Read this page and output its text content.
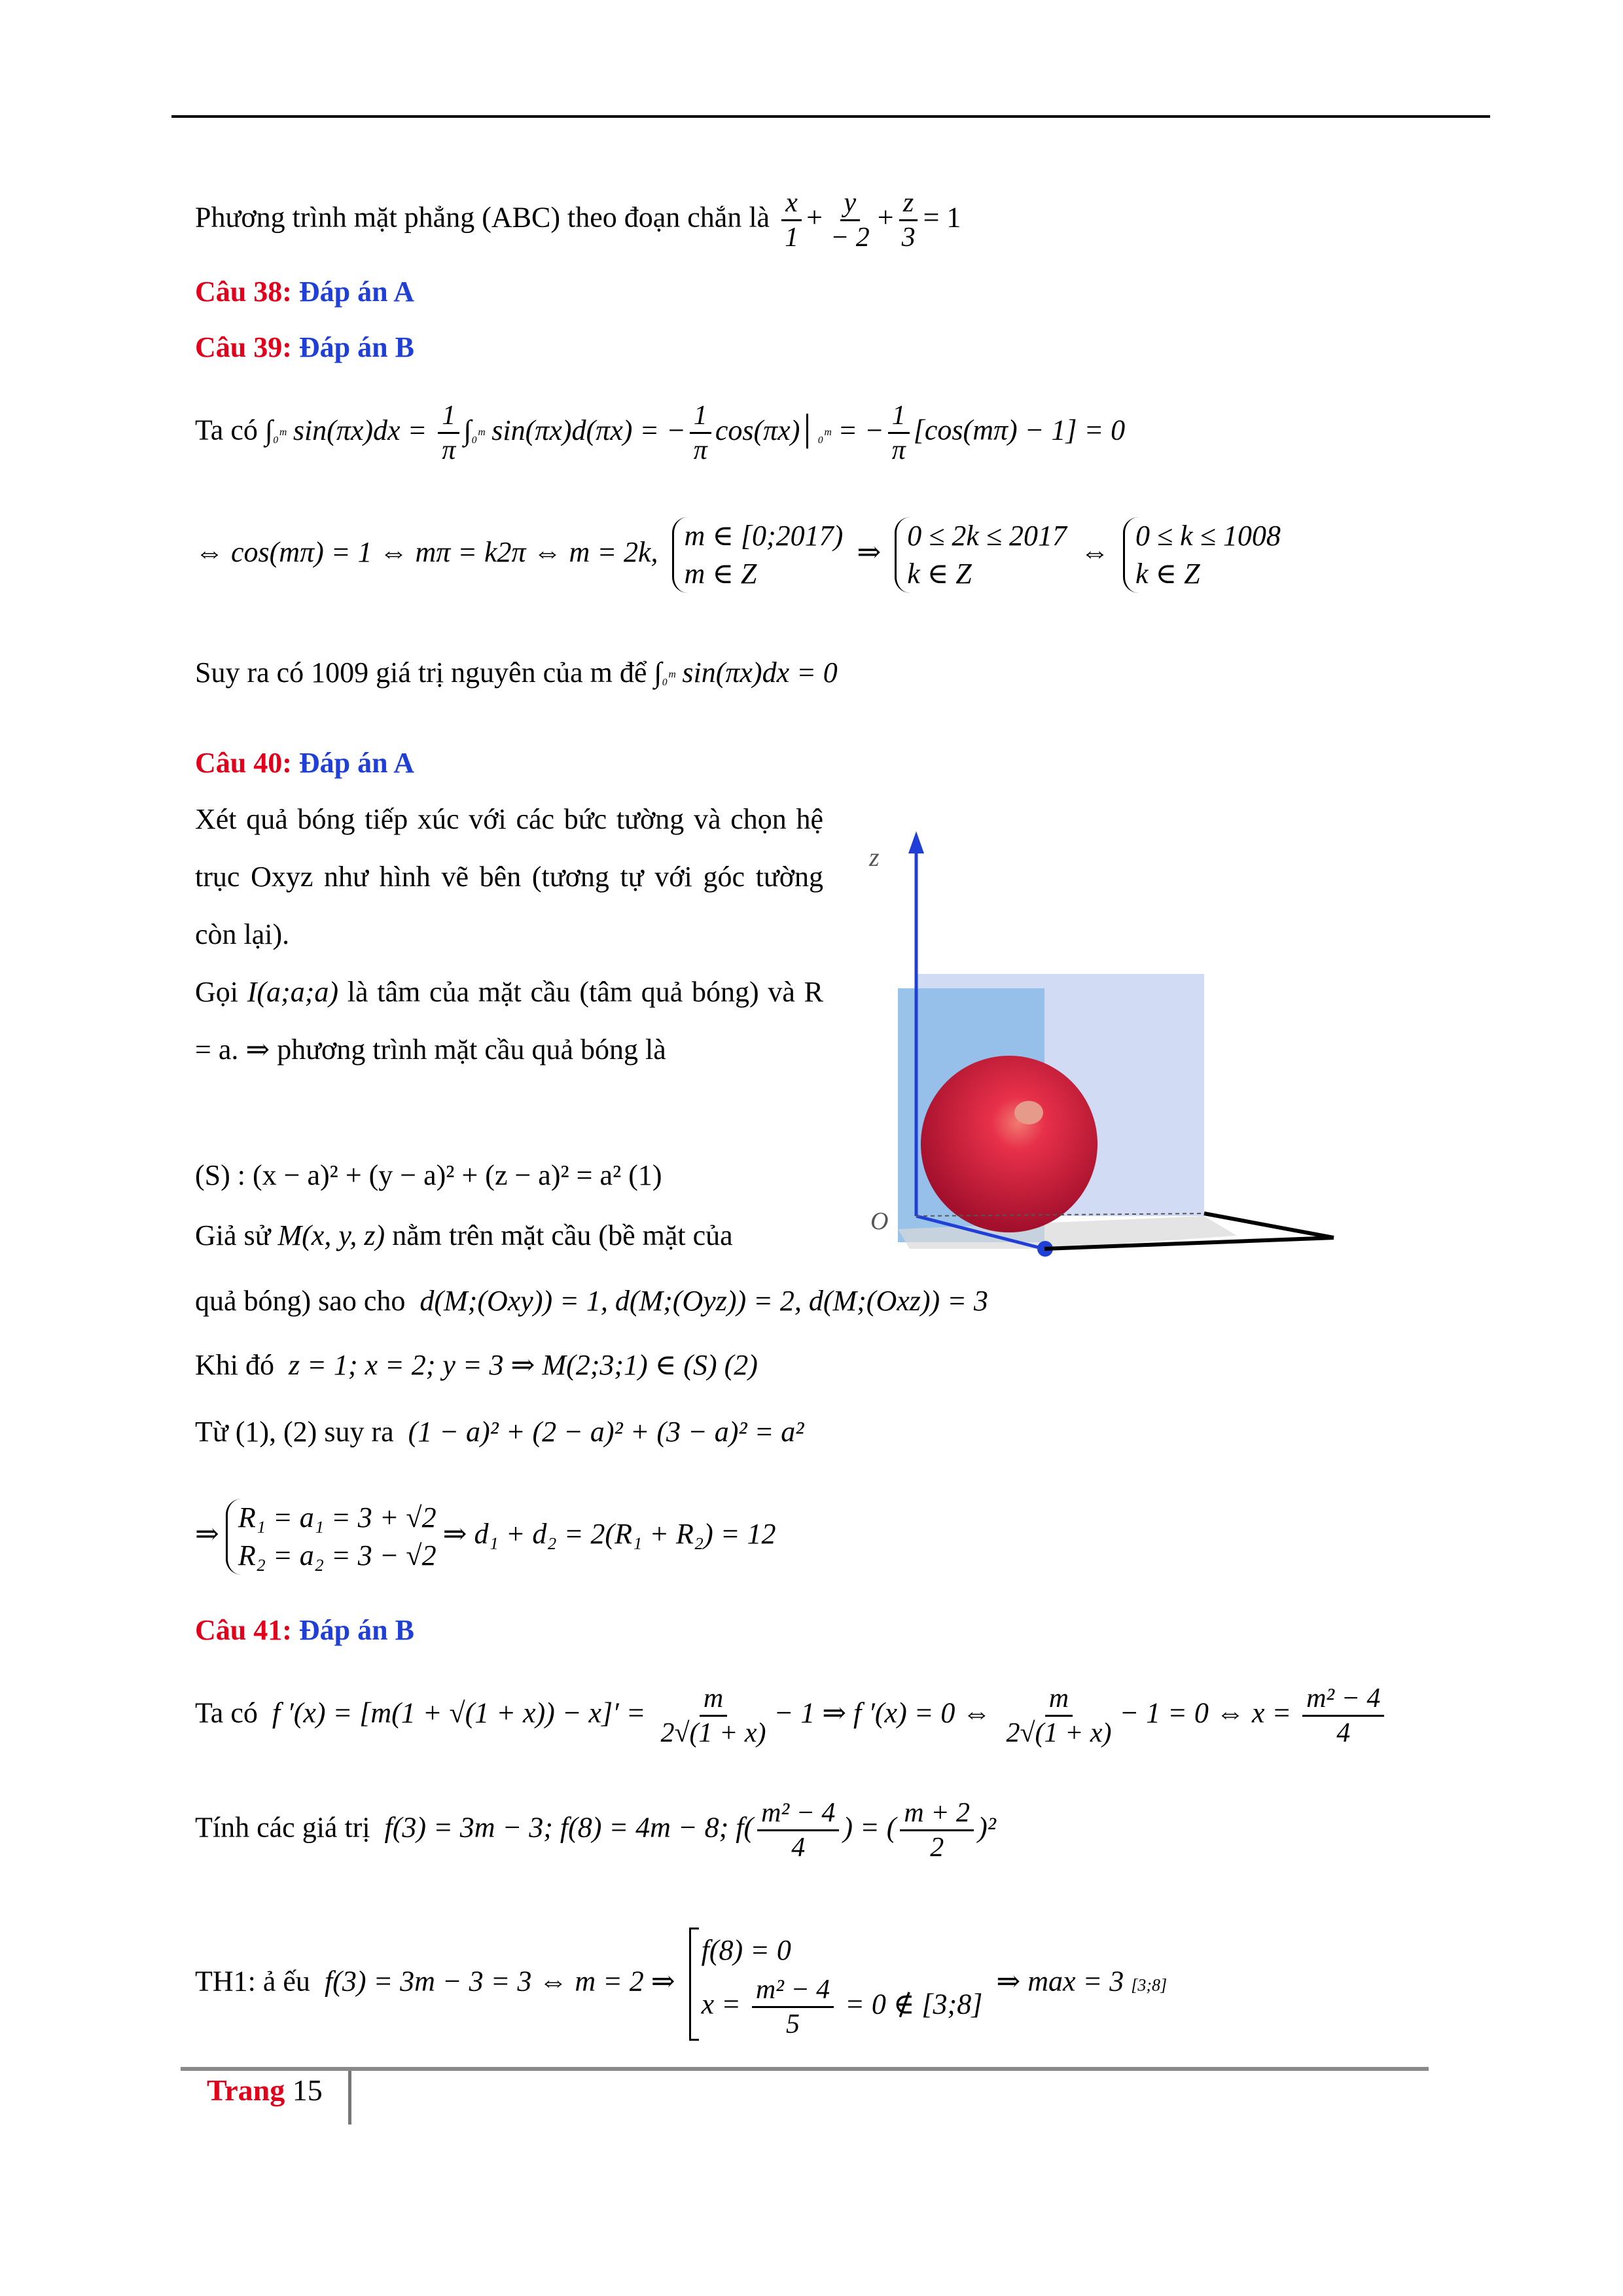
Phương trình mặt phẳng (ABC) theo đoạn chắn là $\frac{x}{1} + \frac{y}{- 2} + \frac{z}{3} = 1$
Câu 38: Đáp án A
Câu 39: Đáp án B
Ta có ∫₀ᵐ $\sin(\pi x)dx = \frac{1}{\pi}$ ∫₀ᵐ sin(πx)d(πx) = − $\frac{1}{\pi}$ cos(πx)│₀ᵐ = − $\frac{1}{\pi} [\cos(m\pi) - 1] = 0$
⇔ cos(mπ) = 1 ⇔ mπ = k2π ⇔ m = 2k,
m ∈ [0;2017)
m ∈ Z
⇒
0 ≤ 2k ≤ 2017
k ∈ Z
⇔
0 ≤ k ≤ 1008
k ∈ Z
Suy ra có 1009 giá trị nguyên của m để ∫₀ᵐ sin(πx)dx = 0
Câu 40: Đáp án A
Xét quả bóng tiếp xúc với các bức tường và chọn hệ trục Oxyz như hình vẽ bên (tương tự với góc tường còn lại).
Gọi I(a;a;a) là tâm của mặt cầu (tâm quả bóng) và R = a. ⇒ phương trình mặt cầu quả bóng là
(S) : (x − a)² + (y − a)² + (z − a)² = a² (1)
Giả sử M(x, y, z) nằm trên mặt cầu (bề mặt của
quả bóng) sao cho d(M;(Oxy)) = 1, d(M;(Oyz)) = 2, d(M;(Oxz)) = 3
Khi đó z = 1; x = 2; y = 3 ⇒ M(2;3;1) ∈ (S) (2)
Từ (1), (2) suy ra (1 − a)² + (2 − a)² + (3 − a)² = a²
⇒
R₁ = a₁ = 3 + √2
R₂ = a₂ = 3 − √2
⇒ d₁ + d₂ = 2(R₁ + R₂) = 12
z
O
Câu 41: Đáp án B
Ta có f $'(x) = [m(1 + √(1 + x)) - x]' = \frac{m}{2√(1 + x)} - 1$ ⇒ f ′(x) = 0 ⇔ $\frac{m}{2√(1 + x)} - 1 = 0$ ⇔ $x = \frac{\text{m² − 4}}{4}$
Tính các giá trị f(3) = 3m − 3; f(8) = 4m − 8; $f( \frac{\text{m² − 4}}{4}$ ) = ( $\frac{m + 2}{2} )^2$
TH1: ả ếu f(3) = 3m − 3 = 3 ⇔ m = 2 ⇒
f(8) = 0
$x = \frac{\text{m² − 4}}{5} = 0$ ∉ [3;8]
⇒ max = 3 [3;8]
Trang 15
